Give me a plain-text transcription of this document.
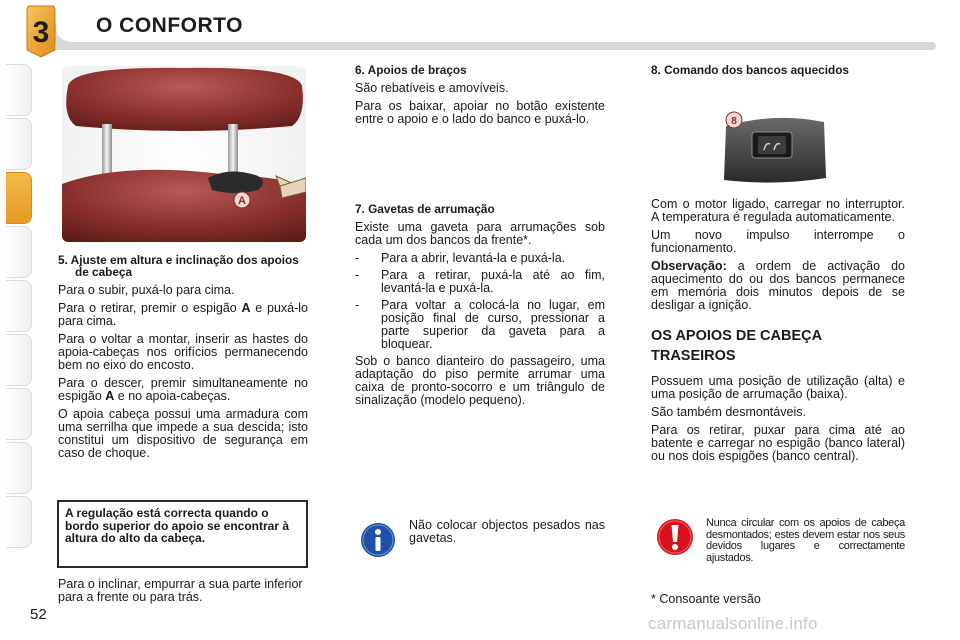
3 O CONFORTO
A
5. Ajuste em altura e inclinação dos apoios de cabeça

Para o subir, puxá-lo para cima.

Para o retirar, premir o espigão A e puxá-lo para cima.

Para o voltar a montar, inserir as hastes do apoia-cabeças nos orifícios permanecendo bem no eixo do encosto.

Para o descer, premir simultaneamente no espigão A e no apoia-cabeças.

O apoia cabeça possui uma armadura com uma serrilha que impede a sua descida; isto constitui um dispositivo de segurança em caso de choque.

A regulação está correcta quando o bordo superior do apoio se encontrar à altura do alto da cabeça.
Para o inclinar, empurrar a sua parte inferior para a frente ou para trás.
6. Apoios de braços

São rebatíveis e amovíveis.

Para os baixar, apoiar no botão existente entre o apoio e o lado do banco e puxá-lo.

7. Gavetas de arrumação

Existe uma gaveta para arrumações sob cada um dos bancos da frente*.

- Para a abrir, levantá-la e puxá-la.
- Para a retirar, puxá-la até ao fim, levantá-la e puxá-la.
- Para voltar a colocá-la no lugar, em posição final de curso, pressionar a parte superior da gaveta para a bloquear.

Sob o banco dianteiro do passageiro, uma adaptação do piso permite arrumar uma caixa de pronto-socorro e um triângulo de sinalização (modelo pequeno).

Não colocar objectos pesados nas gavetas.

8. Comando dos bancos aquecidos
8

Com o motor ligado, carregar no interruptor. A temperatura é regulada automaticamente.

Um novo impulso interrompe o funcionamento.

Observação: a ordem de activação do aquecimento do ou dos bancos permanece em memória dois minutos depois de se desligar a ignição.

OS APOIOS DE CABEÇA TRASEIROS

Possuem uma posição de utilização (alta) e uma posição de arrumação (baixa).

São também desmontáveis.

Para os retirar, puxar para cima até ao batente e carregar no espigão (banco lateral) ou nos dois espigões (banco central).

Nunca circular com os apoios de cabeça desmontados; estes devem estar nos seus devidos lugares e correctamente ajustados.
* Consoante versão
52	carmanualsonline.info
